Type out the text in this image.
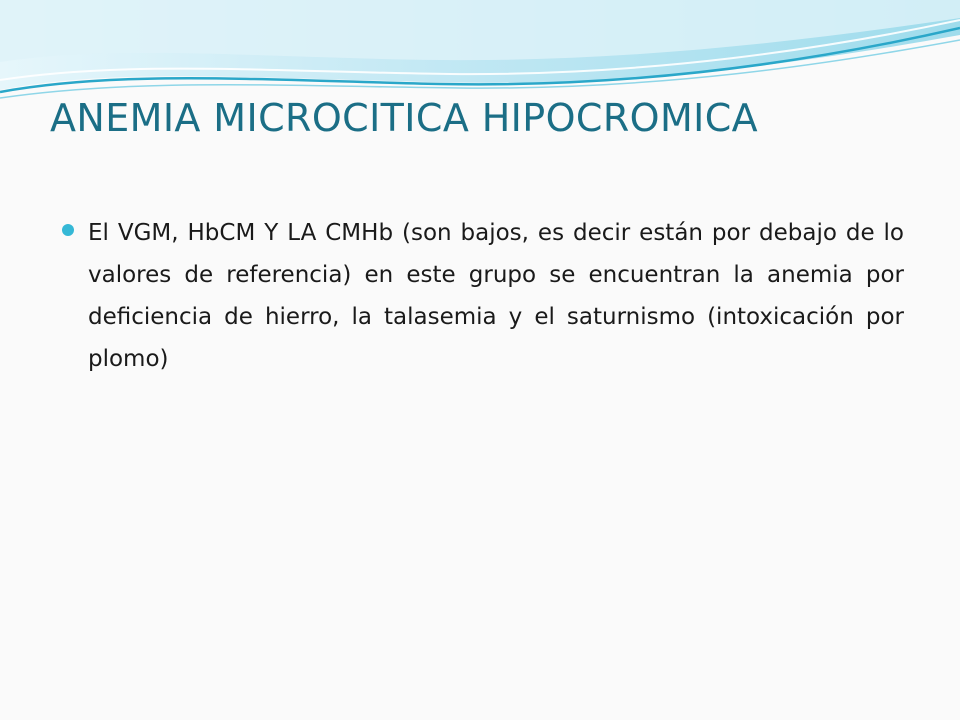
ANEMIA MICROCITICA HIPOCROMICA
El VGM, HbCM Y LA CMHb (son bajos, es decir están por debajo de lo valores de referencia) en este grupo se encuentran la anemia por deficiencia de hierro, la talasemia y el saturnismo (intoxicación por plomo)
